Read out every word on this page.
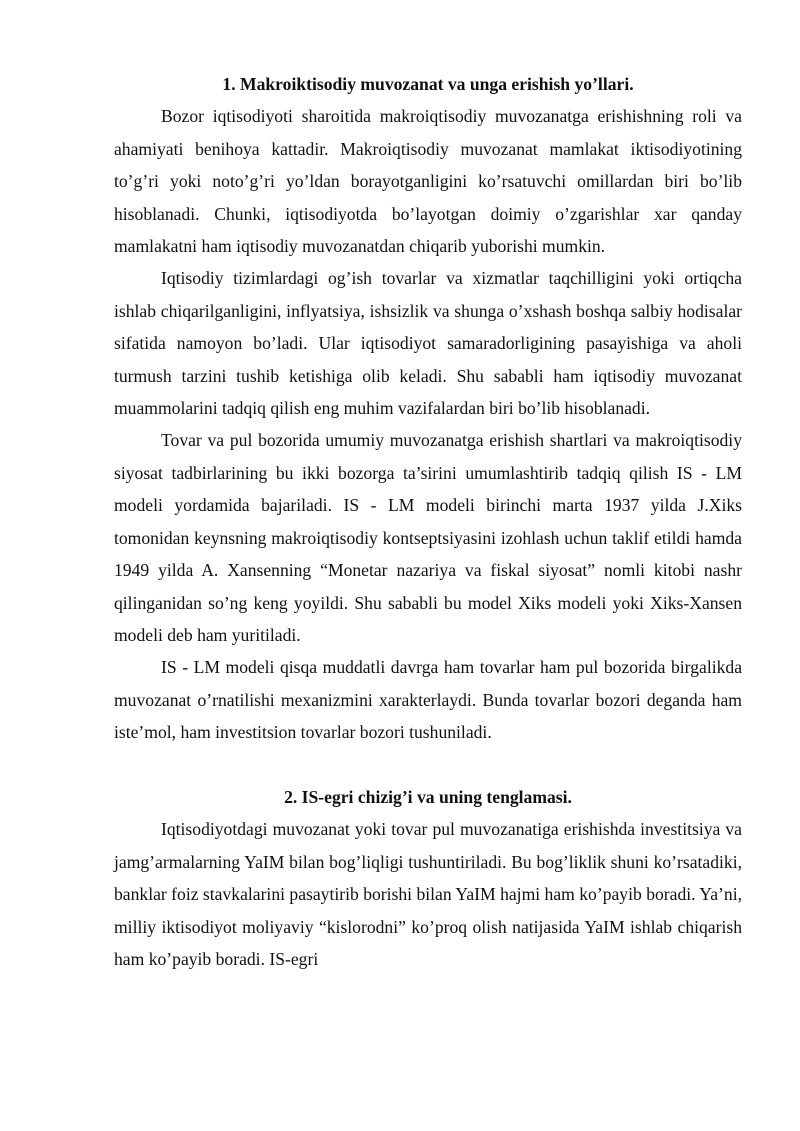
1. Makroiktisodiy muvozanat va unga erishish yo’llari.

Bozor iqtisodiyoti sharoitida makroiqtisodiy muvozanatga erishishning roli va ahamiyati benihoya kattadir. Makroiqtisodiy muvozanat mamlakat iktisodiyotining to’g’ri yoki noto’g’ri yo’ldan borayotganligini ko’rsatuvchi omillardan biri bo’lib hisoblanadi. Chunki, iqtisodiyotda bo’layotgan doimiy o’zgarishlar xar qanday mamlakatni ham iqtisodiy muvozanatdan chiqarib yuborishi mumkin.

Iqtisodiy tizimlardagi og’ish tovarlar va xizmatlar taqchilligini yoki ortiqcha ishlab chiqarilganligini, inflyatsiya, ishsizlik va shunga o’xshash boshqa salbiy hodisalar sifatida namoyon bo’ladi. Ular iqtisodiyot samaradorligining pasayishiga va aholi turmush tarzini tushib ketishiga olib keladi. Shu sababli ham iqtisodiy muvozanat muammolarini tadqiq qilish eng muhim vazifalardan biri bo’lib hisoblanadi.

Tovar va pul bozorida umumiy muvozanatga erishish shartlari va makroiqtisodiy siyosat tadbirlarining bu ikki bozorga ta’sirini umumlashtirib tadqiq qilish IS - LM modeli yordamida bajariladi. IS - LM modeli birinchi marta 1937 yilda J.Xiks tomonidan keynsning makroiqtisodiy kontseptsiyasini izohlash uchun taklif etildi hamda 1949 yilda A. Xansenning “Monetar nazariya va fiskal siyosat” nomli kitobi nashr qilinganidan so’ng keng yoyildi. Shu sababli bu model Xiks modeli yoki Xiks-Xansen modeli deb ham yuritiladi.

IS - LM modeli qisqa muddatli davrga ham tovarlar ham pul bozorida birgalikda muvozanat o’rnatilishi mexanizmini xarakterlaydi. Bunda tovarlar bozori deganda ham iste’mol, ham investitsion tovarlar bozori tushuniladi.

2. IS-egri chizig’i va uning tenglamasi.

Iqtisodiyotdagi muvozanat yoki tovar pul muvozanatiga erishishda investitsiya va jamg’armalarning YaIM bilan bog’liqligi tushuntiriladi. Bu bog’liklik shuni ko’rsatadiki, banklar foiz stavkalarini pasaytirib borishi bilan YaIM hajmi ham ko’payib boradi. Ya’ni, milliy iktisodiyot moliyaviy “kislorodni” ko’proq olish natijasida YaIM ishlab chiqarish ham ko’payib boradi. IS-egri
